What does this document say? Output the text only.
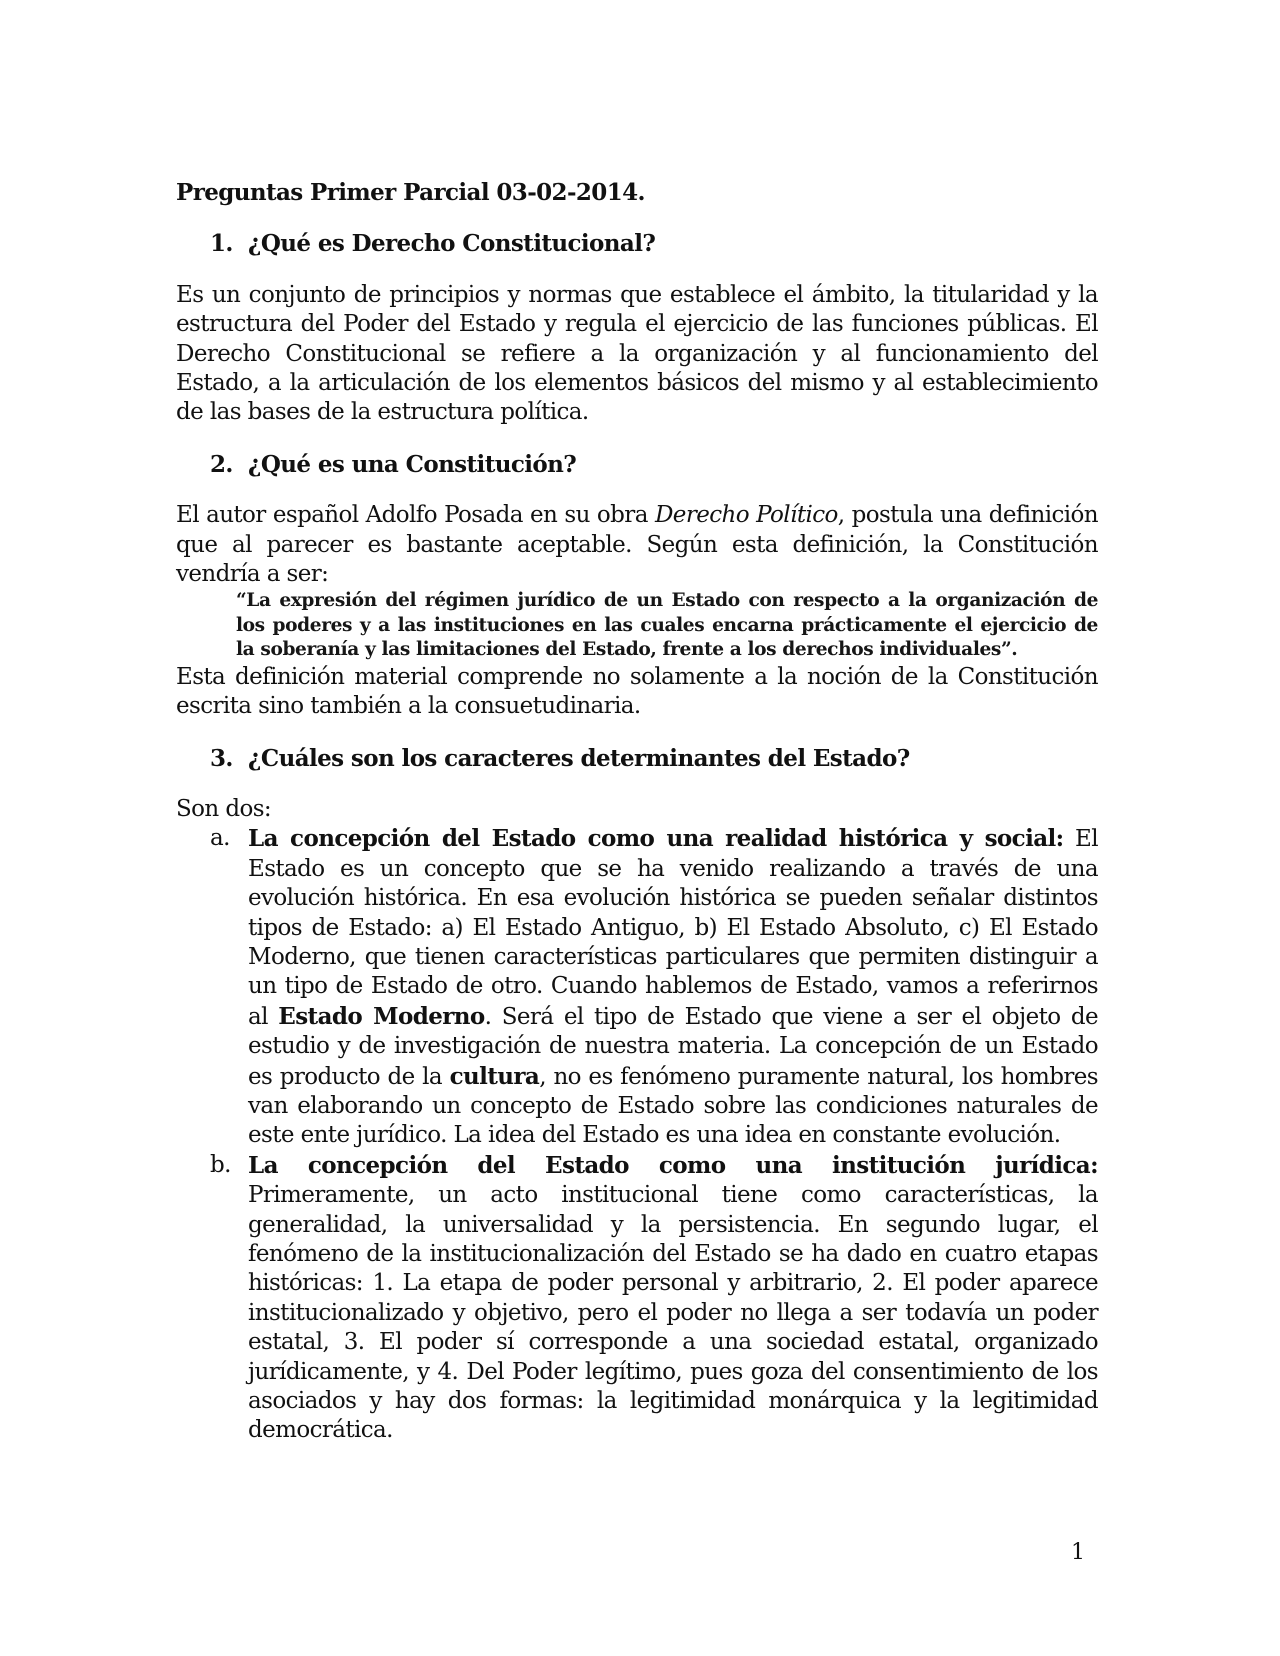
Preguntas Primer Parcial 03-02-2014.
1. ¿Qué es Derecho Constitucional?
Es un conjunto de principios y normas que establece el ámbito, la titularidad y la estructura del Poder del Estado y regula el ejercicio de las funciones públicas. El Derecho Constitucional se refiere a la organización y al funcionamiento del Estado, a la articulación de los elementos básicos del mismo y al establecimiento de las bases de la estructura política.
2. ¿Qué es una Constitución?
El autor español Adolfo Posada en su obra Derecho Político, postula una definición que al parecer es bastante aceptable. Según esta definición, la Constitución vendría a ser:
“La expresión del régimen jurídico de un Estado con respecto a la organización de los poderes y a las instituciones en las cuales encarna prácticamente el ejercicio de la soberanía y las limitaciones del Estado, frente a los derechos individuales”.
Esta definición material comprende no solamente a la noción de la Constitución escrita sino también a la consuetudinaria.
3. ¿Cuáles son los caracteres determinantes del Estado?
Son dos:
a. La concepción del Estado como una realidad histórica y social: El Estado es un concepto que se ha venido realizando a través de una evolución histórica. En esa evolución histórica se pueden señalar distintos tipos de Estado: a) El Estado Antiguo, b) El Estado Absoluto, c) El Estado Moderno, que tienen características particulares que permiten distinguir a un tipo de Estado de otro. Cuando hablemos de Estado, vamos a referirnos al Estado Moderno. Será el tipo de Estado que viene a ser el objeto de estudio y de investigación de nuestra materia. La concepción de un Estado es producto de la cultura, no es fenómeno puramente natural, los hombres van elaborando un concepto de Estado sobre las condiciones naturales de este ente jurídico. La idea del Estado es una idea en constante evolución.
b. La concepción del Estado como una institución jurídica: Primeramente, un acto institucional tiene como características, la generalidad, la universalidad y la persistencia. En segundo lugar, el fenómeno de la institucionalización del Estado se ha dado en cuatro etapas históricas: 1. La etapa de poder personal y arbitrario, 2. El poder aparece institucionalizado y objetivo, pero el poder no llega a ser todavía un poder estatal, 3. El poder sí corresponde a una sociedad estatal, organizado jurídicamente, y 4. Del Poder legítimo, pues goza del consentimiento de los asociados y hay dos formas: la legitimidad monárquica y la legitimidad democrática.
1
